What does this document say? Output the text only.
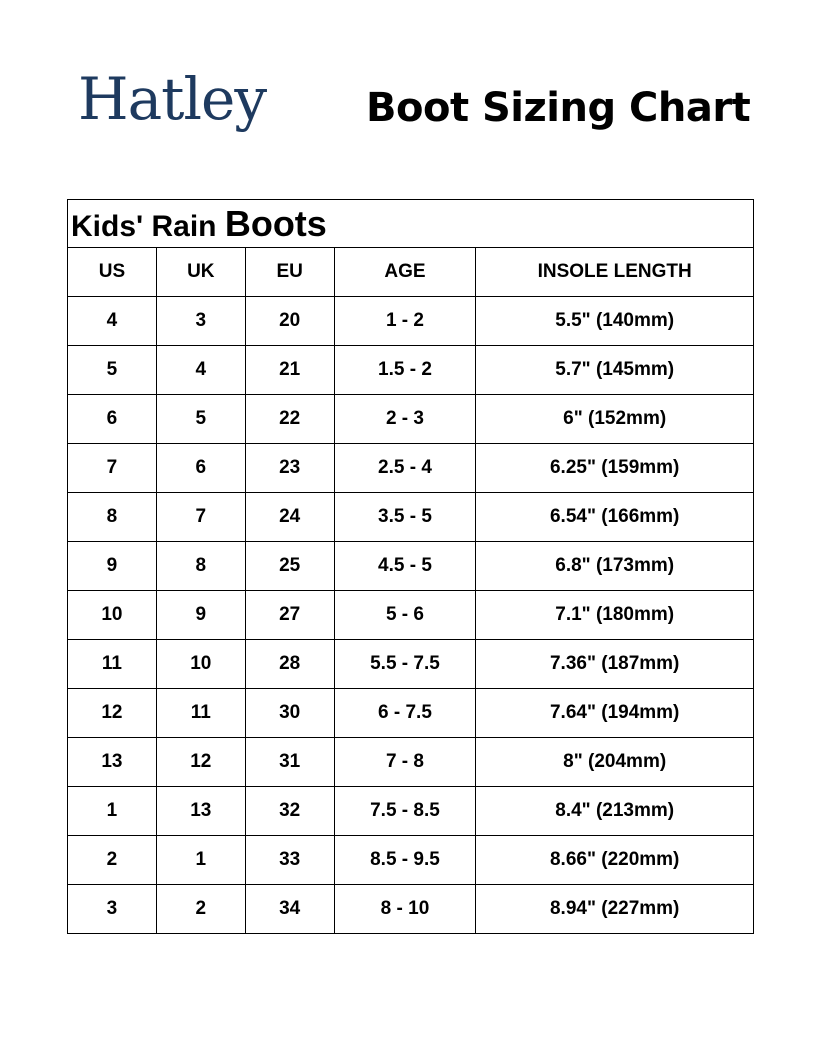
Hatley Boot Sizing Chart
Kids' Rain Boots				
US	UK	EU	AGE	INSOLE LENGTH
4	3	20	1 - 2	5.5" (140mm)
5	4	21	1.5 - 2	5.7" (145mm)
6	5	22	2 - 3	6" (152mm)
7	6	23	2.5 - 4	6.25" (159mm)
8	7	24	3.5 - 5	6.54" (166mm)
9	8	25	4.5 - 5	6.8" (173mm)
10	9	27	5 - 6	7.1" (180mm)
11	10	28	5.5 - 7.5	7.36" (187mm)
12	11	30	6 - 7.5	7.64" (194mm)
13	12	31	7 - 8	8" (204mm)
1	13	32	7.5 - 8.5	8.4" (213mm)
2	1	33	8.5 - 9.5	8.66" (220mm)
3	2	34	8 - 10	8.94" (227mm)
